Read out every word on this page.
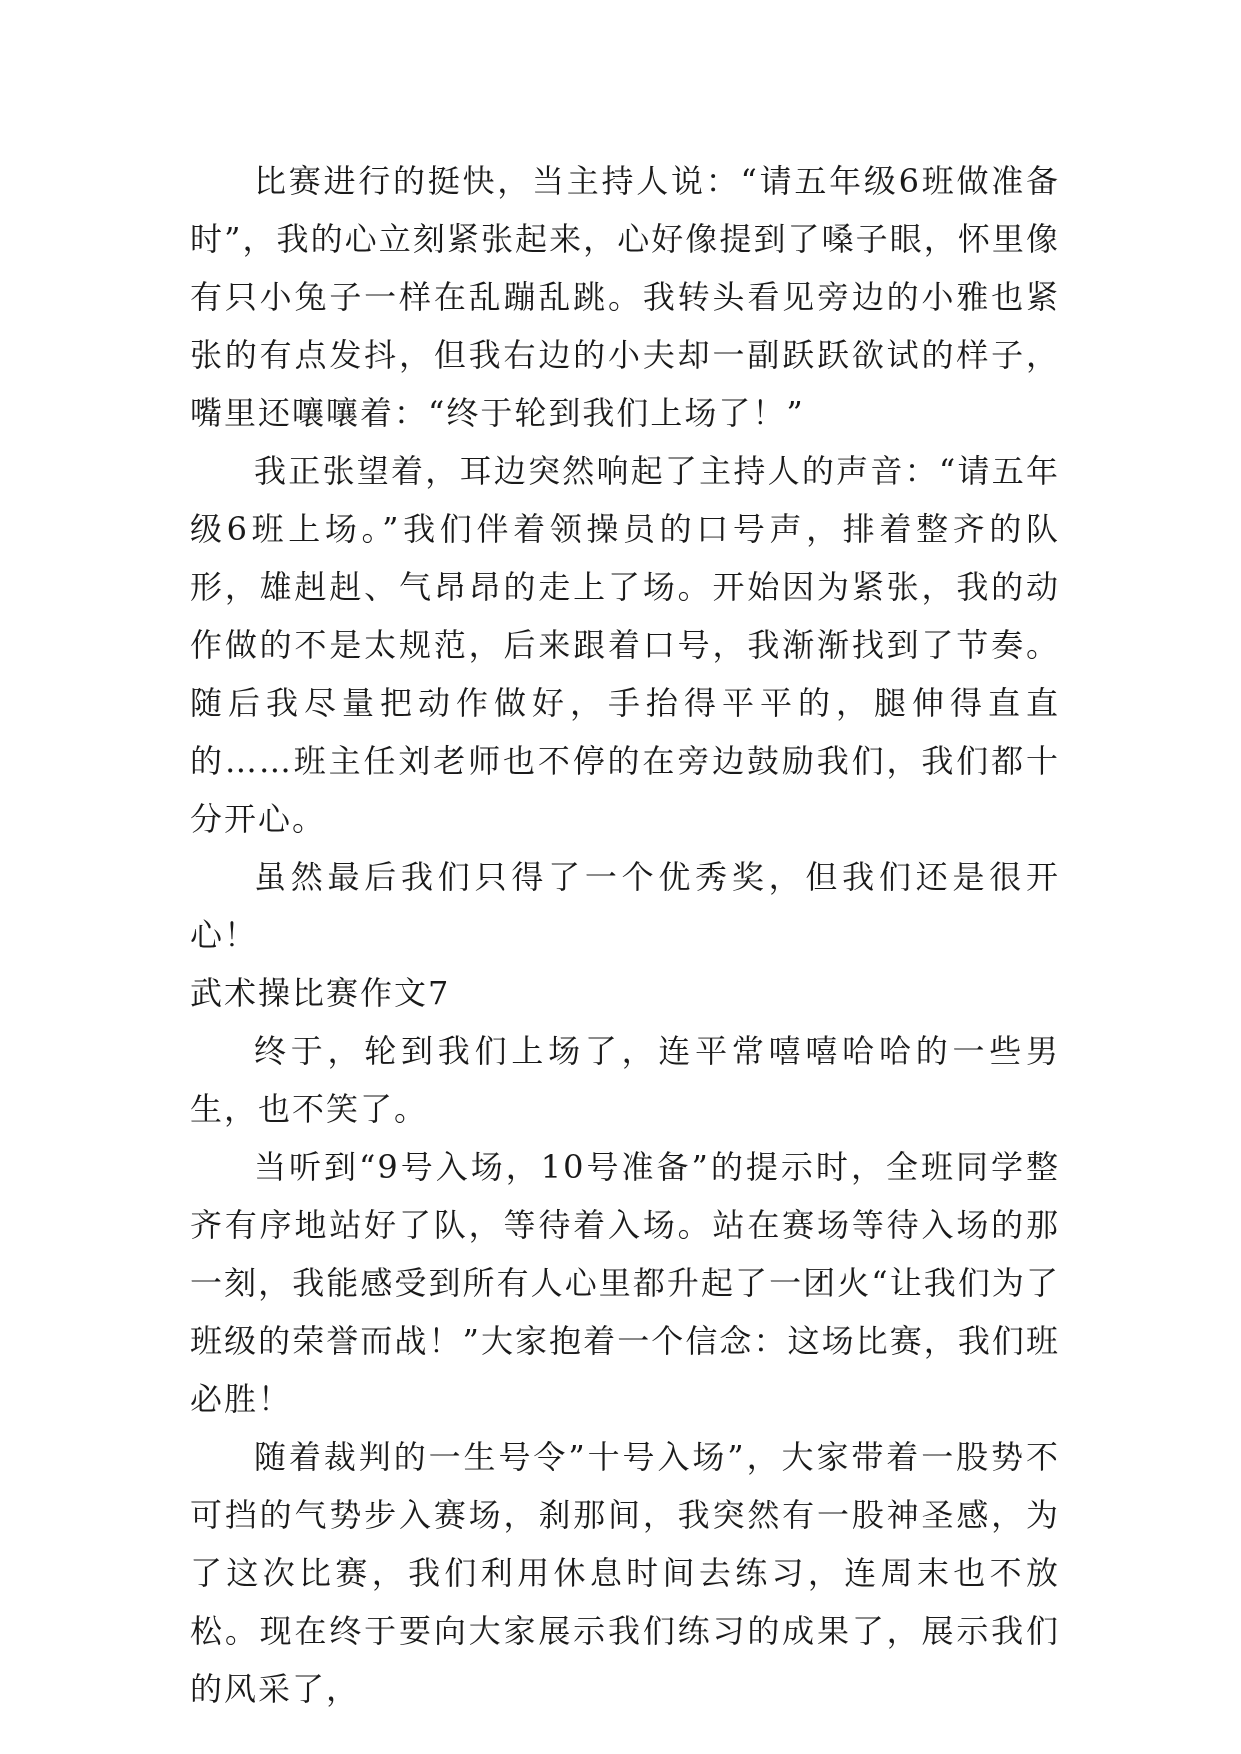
比赛进行的挺快，当主持人说：“请五年级6班做准备时”，我的心立刻紧张起来，心好像提到了嗓子眼，怀里像有只小兔子一样在乱蹦乱跳。我转头看见旁边的小雅也紧张的有点发抖，但我右边的小夫却一副跃跃欲试的样子，嘴里还嚷嚷着：“终于轮到我们上场了！”

我正张望着，耳边突然响起了主持人的声音：“请五年级6班上场。”我们伴着领操员的口号声，排着整齐的队形，雄赳赳、气昂昂的走上了场。开始因为紧张，我的动作做的不是太规范，后来跟着口号，我渐渐找到了节奏。随后我尽量把动作做好，手抬得平平的，腿伸得直直的……班主任刘老师也不停的在旁边鼓励我们，我们都十分开心。

虽然最后我们只得了一个优秀奖，但我们还是很开心！

武术操比赛作文7

终于，轮到我们上场了，连平常嘻嘻哈哈的一些男生，也不笑了。

当听到“9号入场，10号准备”的提示时，全班同学整齐有序地站好了队，等待着入场。站在赛场等待入场的那一刻，我能感受到所有人心里都升起了一团火“让我们为了班级的荣誉而战！”大家抱着一个信念：这场比赛，我们班必胜！

随着裁判的一生号令”十号入场”，大家带着一股势不可挡的气势步入赛场，刹那间，我突然有一股神圣感，为了这次比赛，我们利用休息时间去练习，连周末也不放松。现在终于要向大家展示我们练习的成果了，展示我们的风采了，
